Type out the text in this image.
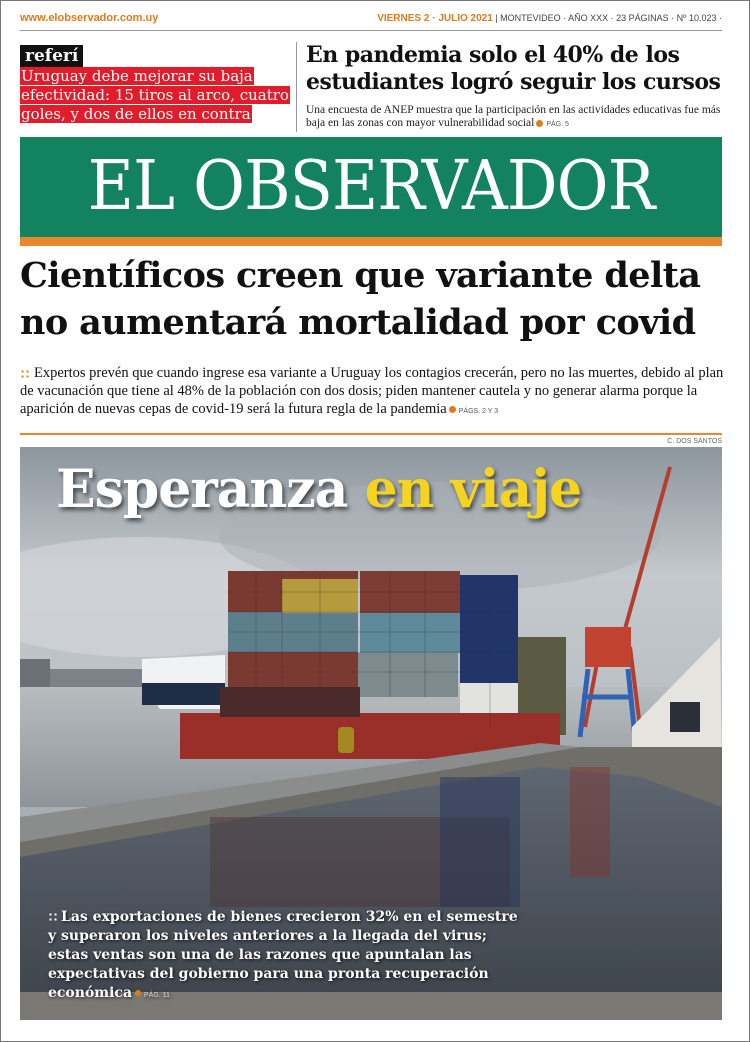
www.elobservador.com.uy	VIERNES 2 · JULIO 2021 | MONTEVIDEO · AÑO XXX · 23 PÁGINAS · Nº 10.023 ·
referí
Uruguay debe mejorar su baja efectividad: 15 tiros al arco, cuatro goles, y dos de ellos en contra
En pandemia solo el 40% de los estudiantes logró seguir los cursos
Una encuesta de ANEP muestra que la participación en las actividades educativas fue más baja en las zonas con mayor vulnerabilidad social PÁG. 5
EL OBSERVADOR
Científicos creen que variante delta
no aumentará mortalidad por covid
Expertos prevén que cuando ingrese esa variante a Uruguay los contagios crecerán, pero no las muertes, debido al plan de vacunación que tiene al 48% de la población con dos dosis; piden mantener cautela y no generar alarma porque la aparición de nuevas cepas de covid-19 será la futura regla de la pandemia PÁGS. 2 Y 3
C. DOS SANTOS
Esperanza en viaje
Las exportaciones de bienes crecieron 32% en el semestre y superaron los niveles anteriores a la llegada del virus; estas ventas son una de las razones que apuntalan las expectativas del gobierno para una pronta recuperación económica PÁG. 11
